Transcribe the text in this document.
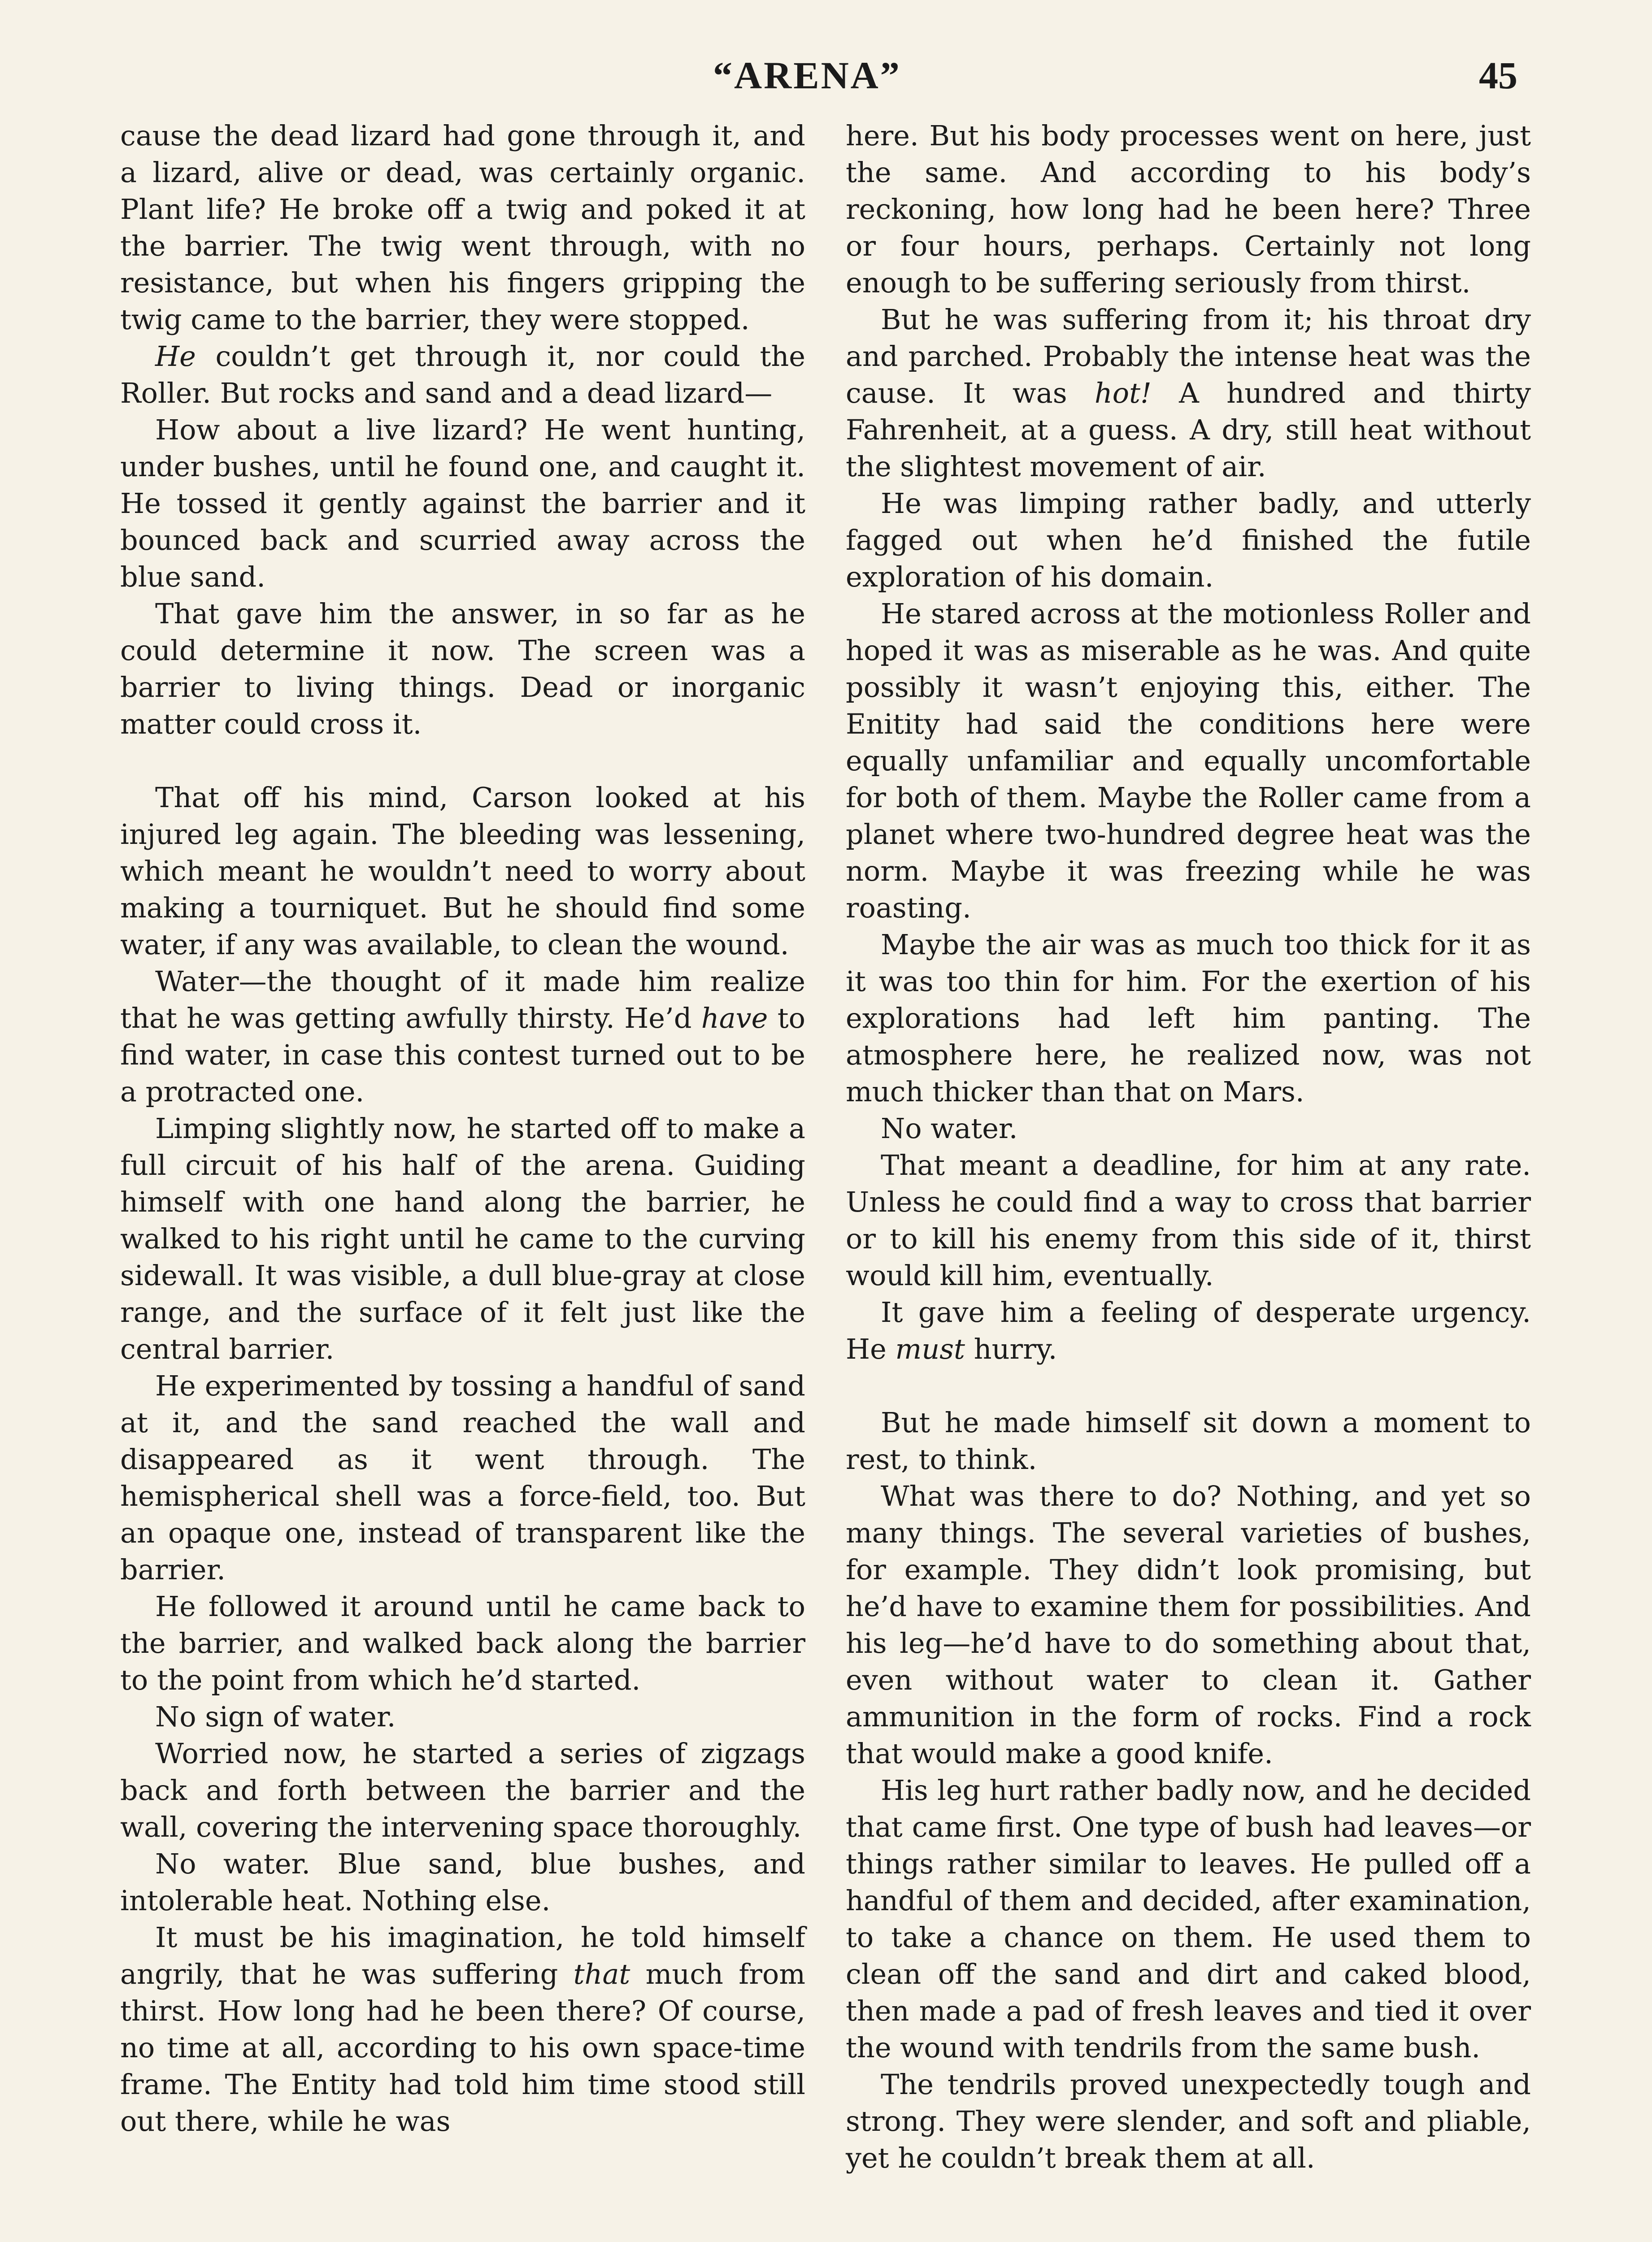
“ARENA”	45

cause the dead lizard had gone through it, and a lizard, alive or dead, was certainly organic. Plant life? He broke off a twig and poked it at the barrier. The twig went through, with no resistance, but when his fingers gripping the twig came to the barrier, they were stopped.

He couldn’t get through it, nor could the Roller. But rocks and sand and a dead lizard—

How about a live lizard? He went hunting, under bushes, until he found one, and caught it. He tossed it gently against the barrier and it bounced back and scurried away across the blue sand.

That gave him the answer, in so far as he could determine it now. The screen was a barrier to living things. Dead or inorganic matter could cross it.

That off his mind, Carson looked at his injured leg again. The bleeding was lessening, which meant he wouldn’t need to worry about making a tourniquet. But he should find some water, if any was available, to clean the wound.

Water—the thought of it made him realize that he was getting awfully thirsty. He’d have to find water, in case this contest turned out to be a protracted one.

Limping slightly now, he started off to make a full circuit of his half of the arena. Guiding himself with one hand along the barrier, he walked to his right until he came to the curving sidewall. It was visible, a dull blue-gray at close range, and the surface of it felt just like the central barrier.

He experimented by tossing a handful of sand at it, and the sand reached the wall and disappeared as it went through. The hemispherical shell was a force-field, too. But an opaque one, instead of transparent like the barrier.

He followed it around until he came back to the barrier, and walked back along the barrier to the point from which he’d started.

No sign of water.

Worried now, he started a series of zigzags back and forth between the barrier and the wall, covering the intervening space thoroughly.

No water. Blue sand, blue bushes, and intolerable heat. Nothing else.

It must be his imagination, he told himself angrily, that he was suffering that much from thirst. How long had he been there? Of course, no time at all, according to his own space-time frame. The Entity had told him time stood still out there, while he was

here. But his body processes went on here, just the same. And according to his body’s reckoning, how long had he been here? Three or four hours, perhaps. Certainly not long enough to be suffering seriously from thirst.

But he was suffering from it; his throat dry and parched. Probably the intense heat was the cause. It was hot! A hundred and thirty Fahrenheit, at a guess. A dry, still heat without the slightest movement of air.

He was limping rather badly, and utterly fagged out when he’d finished the futile exploration of his domain.

He stared across at the motionless Roller and hoped it was as miserable as he was. And quite possibly it wasn’t enjoying this, either. The Enitity had said the conditions here were equally unfamiliar and equally uncomfortable for both of them. Maybe the Roller came from a planet where two-hundred degree heat was the norm. Maybe it was freezing while he was roasting.

Maybe the air was as much too thick for it as it was too thin for him. For the exertion of his explorations had left him panting. The atmosphere here, he realized now, was not much thicker than that on Mars.

No water.

That meant a deadline, for him at any rate. Unless he could find a way to cross that barrier or to kill his enemy from this side of it, thirst would kill him, eventually.

It gave him a feeling of desperate urgency. He must hurry.

But he made himself sit down a moment to rest, to think.

What was there to do? Nothing, and yet so many things. The several varieties of bushes, for example. They didn’t look promising, but he’d have to examine them for possibilities. And his leg—he’d have to do something about that, even without water to clean it. Gather ammunition in the form of rocks. Find a rock that would make a good knife.

His leg hurt rather badly now, and he decided that came first. One type of bush had leaves—or things rather similar to leaves. He pulled off a handful of them and decided, after examination, to take a chance on them. He used them to clean off the sand and dirt and caked blood, then made a pad of fresh leaves and tied it over the wound with tendrils from the same bush.

The tendrils proved unexpectedly tough and strong. They were slender, and soft and pliable, yet he couldn’t break them at all.
